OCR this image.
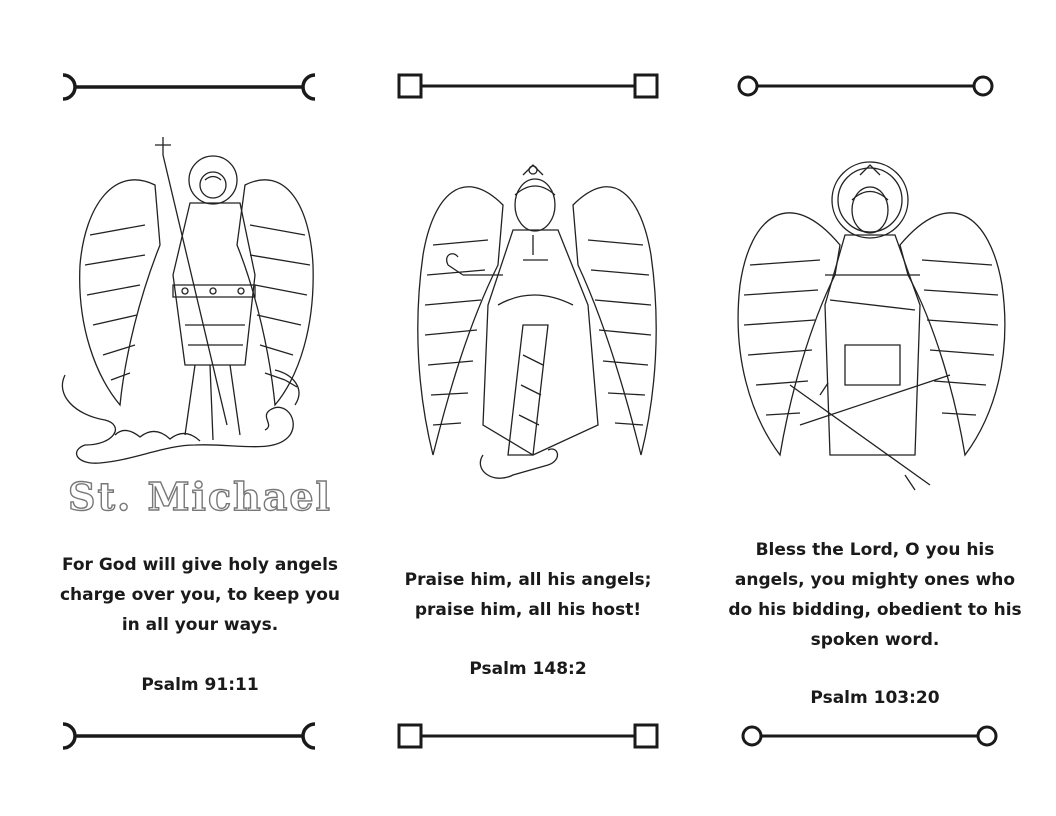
St. Michael

For God will give holy angels
charge over you, to keep you
in all your ways.

Psalm 91:11

Praise him, all his angels;
praise him, all his host!

Psalm 148:2

Bless the Lord, O you his
angels, you mighty ones who
do his bidding, obedient to his
spoken word.

Psalm 103:20
